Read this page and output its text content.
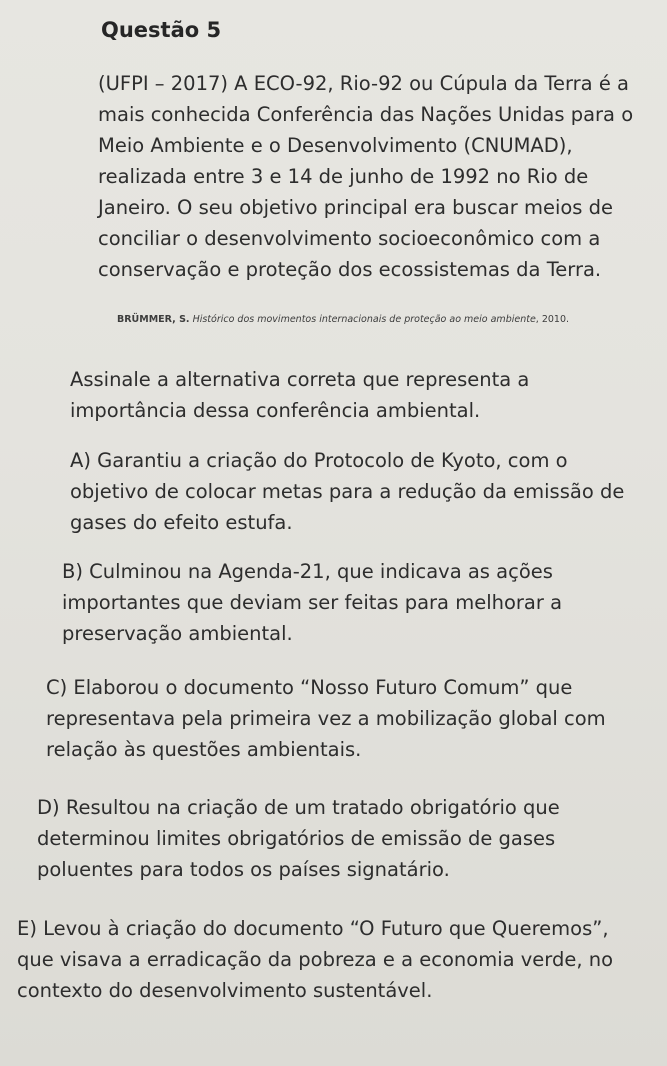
Questão 5

(UFPI – 2017) A ECO-92, Rio-92 ou Cúpula da Terra é a mais conhecida Conferência das Nações Unidas para o Meio Ambiente e o Desenvolvimento (CNUMAD), realizada entre 3 e 14 de junho de 1992 no Rio de Janeiro. O seu objetivo principal era buscar meios de conciliar o desenvolvimento socioeconômico com a conservação e proteção dos ecossistemas da Terra.

BRÜMMER, S. Histórico dos movimentos internacionais de proteção ao meio ambiente, 2010.

Assinale a alternativa correta que representa a importância dessa conferência ambiental.

A) Garantiu a criação do Protocolo de Kyoto, com o objetivo de colocar metas para a redução da emissão de gases do efeito estufa.

B) Culminou na Agenda-21, que indicava as ações importantes que deviam ser feitas para melhorar a preservação ambiental.

C) Elaborou o documento “Nosso Futuro Comum” que representava pela primeira vez a mobilização global com relação às questões ambientais.

D) Resultou na criação de um tratado obrigatório que determinou limites obrigatórios de emissão de gases poluentes para todos os países signatário.

E) Levou à criação do documento “O Futuro que Queremos”, que visava a erradicação da pobreza e a economia verde, no contexto do desenvolvimento sustentável.
